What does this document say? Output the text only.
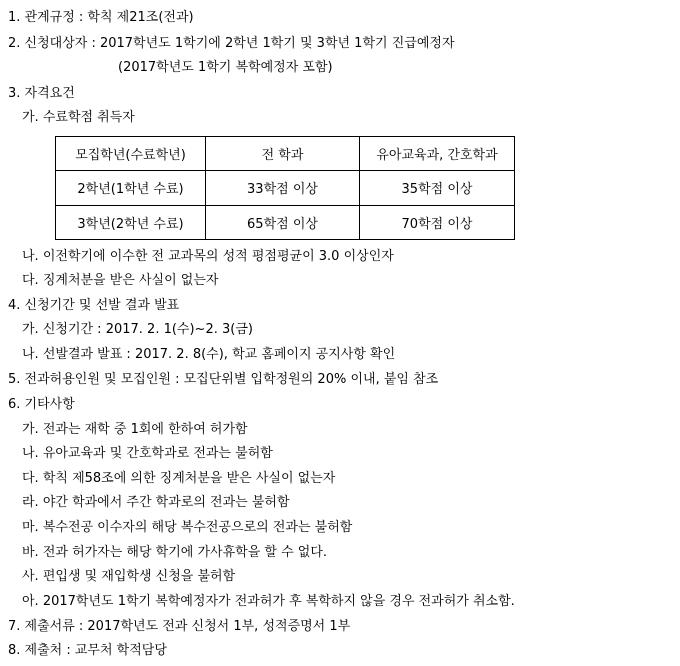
1. 관계규정 : 학칙 제21조(전과)
2. 신청대상자 : 2017학년도 1학기에 2학년 1학기 및 3학년 1학기 진급예정자
(2017학년도 1학기 복학예정자 포함)
3. 자격요건
가. 수료학점 취득자
모집학년(수료학년)	전 학과	유아교육과, 간호학과
2학년(1학년 수료)	33학점 이상	35학점 이상
3학년(2학년 수료)	65학점 이상	70학점 이상
나. 이전학기에 이수한 전 교과목의 성적 평점평균이 3.0 이상인자
다. 징계처분을 받은 사실이 없는자
4. 신청기간 및 선발 결과 발표
가. 신청기간 : 2017. 2. 1(수)~2. 3(금)
나. 선발결과 발표 : 2017. 2. 8(수), 학교 홈페이지 공지사항 확인
5. 전과허용인원 및 모집인원 : 모집단위별 입학정원의 20% 이내, 붙임 참조
6. 기타사항
가. 전과는 재학 중 1회에 한하여 허가함
나. 유아교육과 및 간호학과로 전과는 불허함
다. 학칙 제58조에 의한 징계처분을 받은 사실이 없는자
라. 야간 학과에서 주간 학과로의 전과는 불허함
마. 복수전공 이수자의 해당 복수전공으로의 전과는 불허함
바. 전과 허가자는 해당 학기에 가사휴학을 할 수 없다.
사. 편입생 및 재입학생 신청을 불허함
아. 2017학년도 1학기 복학예정자가 전과허가 후 복학하지 않을 경우 전과허가 취소함.
7. 제출서류 : 2017학년도 전과 신청서 1부, 성적증명서 1부
8. 제출처 : 교무처 학적담당
